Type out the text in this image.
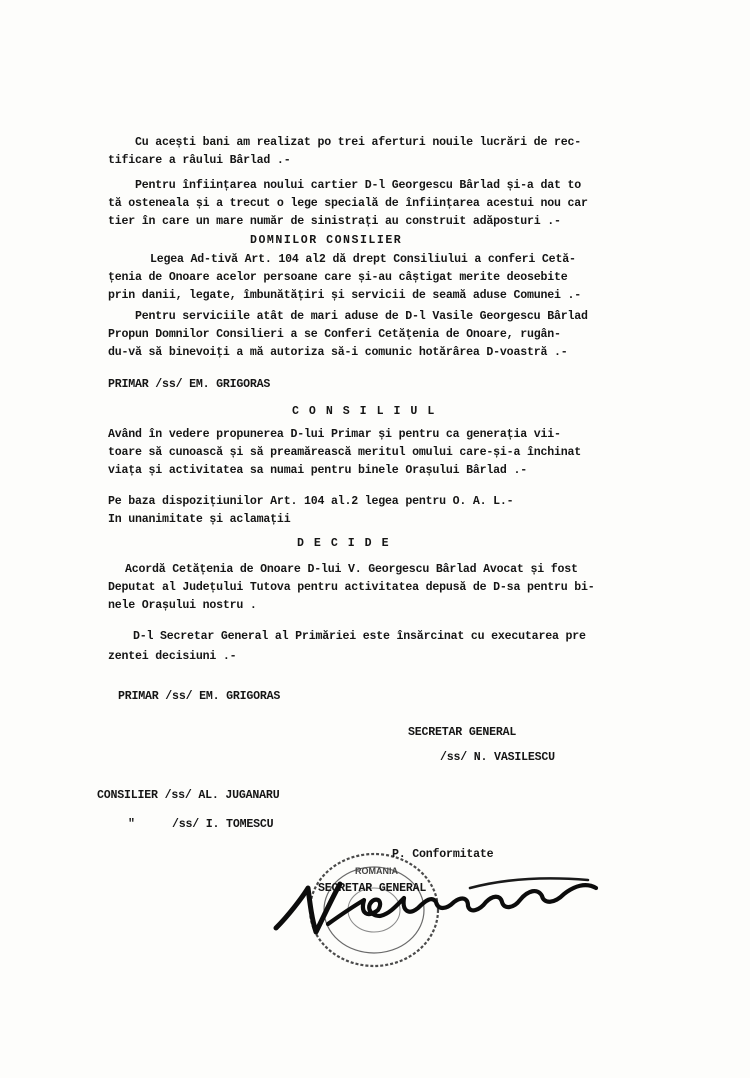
Cu acești bani am realizat po trei aferturi nouile lucrări de rec-
tificare a râului Bârlad .-
Pentru înființarea noului cartier D-l Georgescu Bârlad și-a dat to
tă osteneala și a trecut o lege specială de înființarea acestui nou car
tier în care un mare număr de sinistrați au construit adăposturi .-
DOMNILOR CONSILIER
Legea Ad-tivă Art. 104 al2 dă drept Consiliului a conferi Cetă-
țenia de Onoare acelor persoane care și-au câștigat merite deosebite
prin danii, legate, îmbunătățiri și servicii de seamă aduse Comunei .-
Pentru serviciile atât de mari aduse de D-l Vasile Georgescu Bârlad
Propun Domnilor Consilieri a se Conferi Cetățenia de Onoare, rugân-
du-vă să binevoiți a mă autoriza să-i comunic hotărârea D-voastră .-
PRIMAR /ss/ EM. GRIGORAS
C O N S I L I U L
Având în vedere propunerea D-lui Primar și pentru ca generația vii-
toare să cunoască și să preamărească meritul omului care-și-a închinat
viața și activitatea sa numai pentru binele Orașului Bârlad .-
Pe baza dispozițiunilor Art. 104 al.2 legea pentru O. A. L.-
In unanimitate și aclamații
D E C I D E
Acordă Cetățenia de Onoare D-lui V. Georgescu Bârlad Avocat și fost
Deputat al Județului Tutova pentru activitatea depusă de D-sa pentru bi-
nele Orașului nostru .
D-l Secretar General al Primăriei este însărcinat cu executarea pre
zentei decisiuni .-
PRIMAR /ss/ EM. GRIGORAS
SECRETAR GENERAL
/ss/ N. VASILESCU
CONSILIER /ss/ AL. JUGANARU
"	/ss/ I. TOMESCU
ROMANIA
P. Conformitate
SECRETAR GENERAL
